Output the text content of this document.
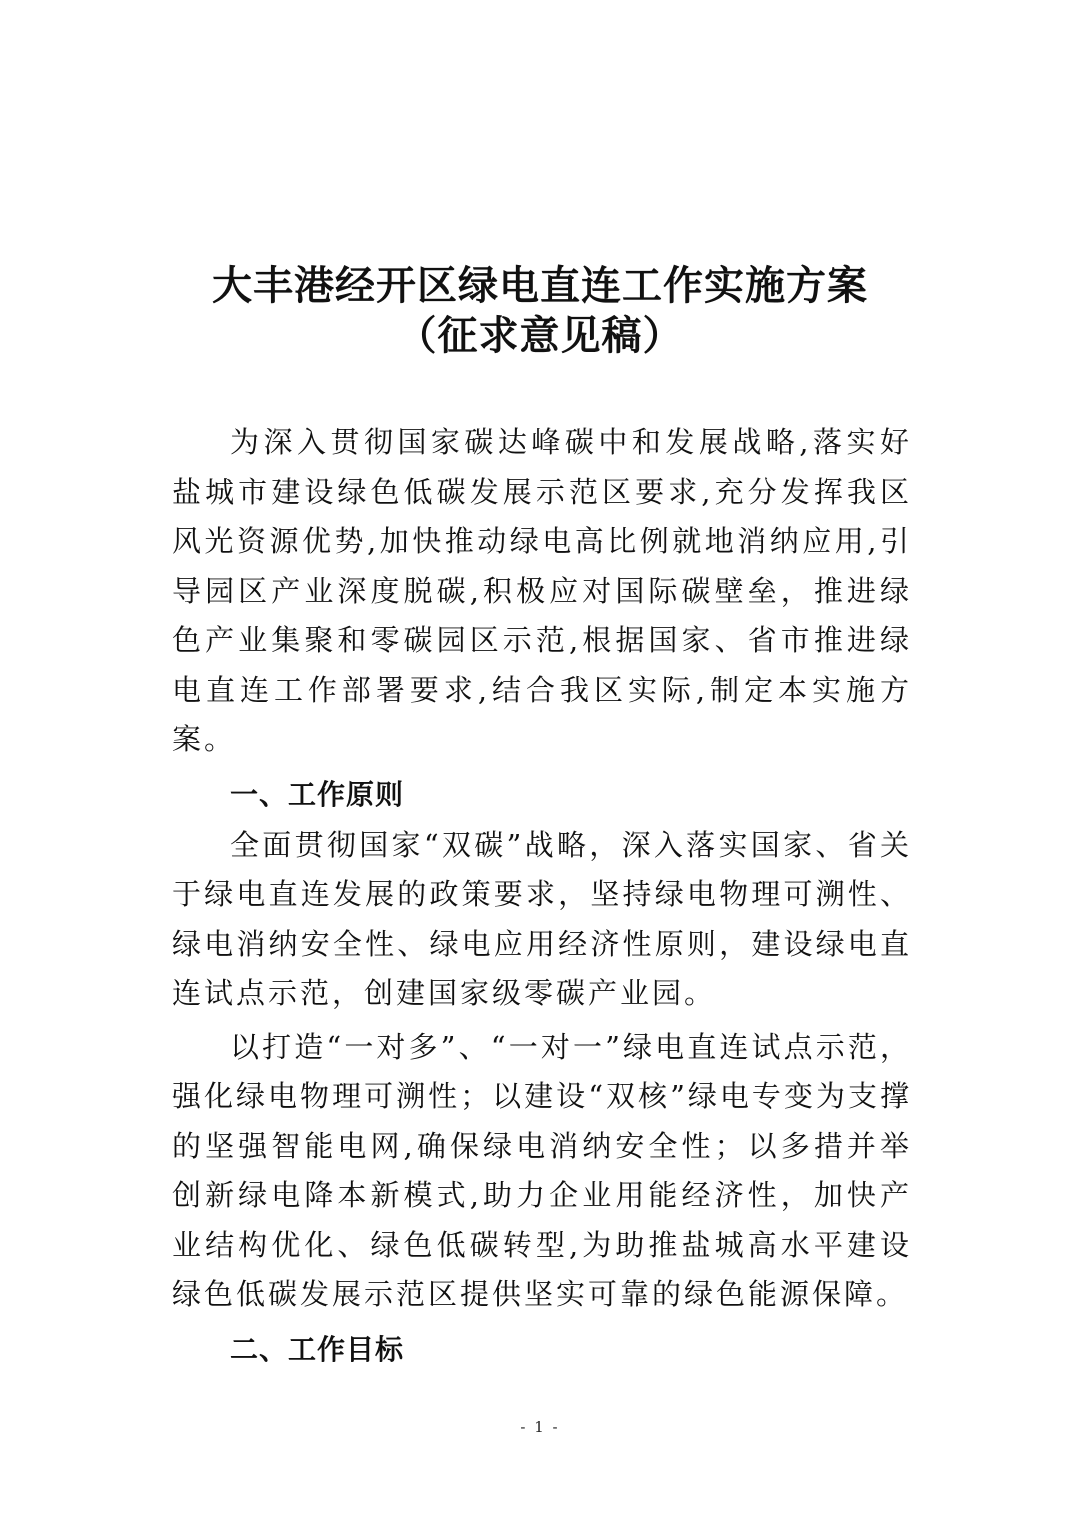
大丰港经开区绿电直连工作实施方案
（征求意见稿）

为深入贯彻国家碳达峰碳中和发展战略,落实好盐城市建设绿色低碳发展示范区要求,充分发挥我区风光资源优势,加快推动绿电高比例就地消纳应用,引导园区产业深度脱碳,积极应对国际碳壁垒，推进绿色产业集聚和零碳园区示范,根据国家、省市推进绿电直连工作部署要求,结合我区实际,制定本实施方案。

一、工作原则

全面贯彻国家“双碳”战略，深入落实国家、省关于绿电直连发展的政策要求，坚持绿电物理可溯性、绿电消纳安全性、绿电应用经济性原则，建设绿电直连试点示范，创建国家级零碳产业园。

以打造“一对多”、“一对一”绿电直连试点示范，强化绿电物理可溯性；以建设“双核”绿电专变为支撑的坚强智能电网,确保绿电消纳安全性；以多措并举创新绿电降本新模式,助力企业用能经济性，加快产业结构优化、绿色低碳转型,为助推盐城高水平建设绿色低碳发展示范区提供坚实可靠的绿色能源保障。

二、工作目标
- 1 -
